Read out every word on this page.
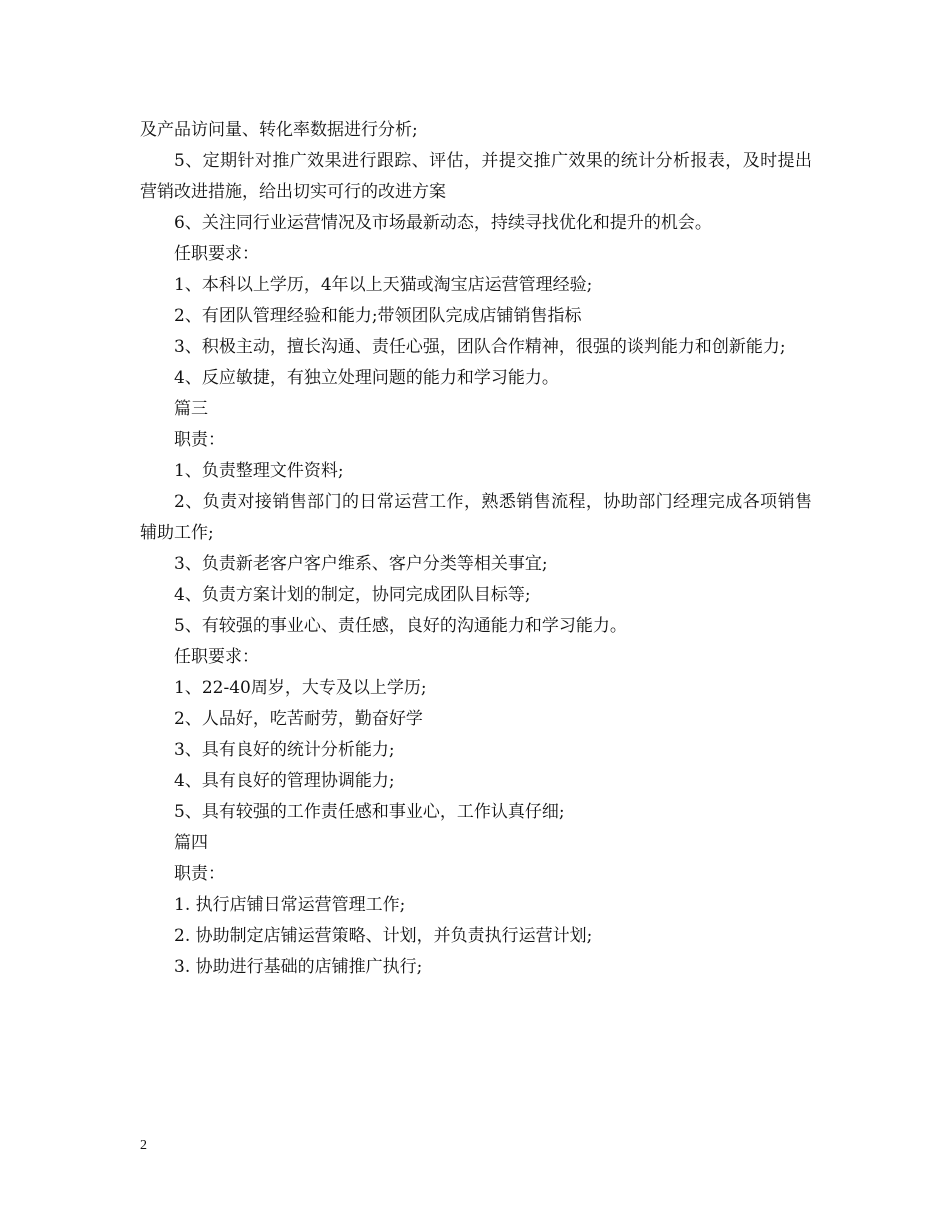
及产品访问量、转化率数据进行分析;

5、定期针对推广效果进行跟踪、评估，并提交推广效果的统计分析报表，及时提出营销改进措施，给出切实可行的改进方案

6、关注同行业运营情况及市场最新动态，持续寻找优化和提升的机会。

任职要求：

1、本科以上学历，4年以上天猫或淘宝店运营管理经验;

2、有团队管理经验和能力;带领团队完成店铺销售指标

3、积极主动，擅长沟通、责任心强，团队合作精神，很强的谈判能力和创新能力;

4、反应敏捷，有独立处理问题的能力和学习能力。

篇三

职责：

1、负责整理文件资料;

2、负责对接销售部门的日常运营工作，熟悉销售流程，协助部门经理完成各项销售辅助工作;

3、负责新老客户客户维系、客户分类等相关事宜;

4、负责方案计划的制定，协同完成团队目标等;

5、有较强的事业心、责任感，良好的沟通能力和学习能力。

任职要求：

1、22-40周岁，大专及以上学历;

2、人品好，吃苦耐劳，勤奋好学

3、具有良好的统计分析能力;

4、具有良好的管理协调能力;

5、具有较强的工作责任感和事业心，工作认真仔细;

篇四

职责：

1. 执行店铺日常运营管理工作;

2. 协助制定店铺运营策略、计划，并负责执行运营计划;

3. 协助进行基础的店铺推广执行;

2
